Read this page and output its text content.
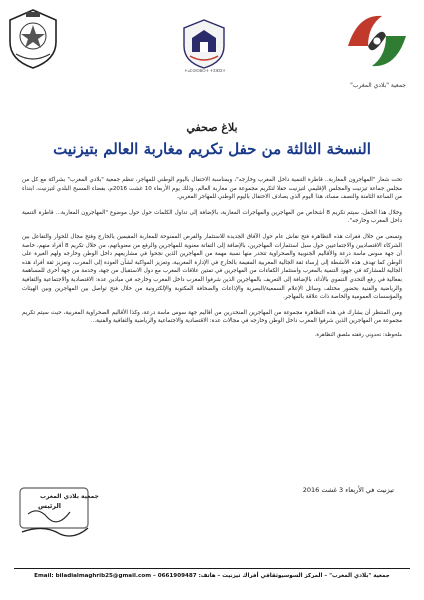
ⵜⴰⵎⵙⵙⵓⵔⵜ ⵜⵉⵣⵏⵉⵜ
جمعية "بلادي المغرب"
بلاغ صحفي
النسخة الثالثة من حفل تكريم مغاربة العالم بتيزنيت

تحت شعار "المهاجرون المغاربة.. قاطرة التنمية داخل المغرب وخارجه"، وبمناسبة الاحتفال باليوم الوطني للمهاجر، تنظم جمعية "بلادي المغرب" بشراكة مع كل من مجلس جماعة تيزنيت والمجلس الإقليمي لتيزنيت حفلا لتكريم مجموعة من مغاربة العالم، وذلك يوم الأربعاء 10 غشت 2016م، بفضاء المسبح البلدي لتيزنيت، ابتداء من الساعة الثامنة والنصف مساء، هذا اليوم الذي يصادف الاحتفال باليوم الوطني للمهاجر المغربي.

وخلال هذا الحفل، سيتم تكريم 8 أشخاص من المهاجرين والمهاجرات المغاربة، بالإضافة إلى تداول الكلمات حول حول موضوع "المهاجرون المغاربة... قاطرة التنمية داخل المغرب وخارجه".

وتسعى من خلال فقرات هذه التظاهرة فتح نقاش عام حول الآفاق الجديدة للاستثمار والفرص الممنوحة للمغاربة المقيمين بالخارج وفتح مجال للحوار والتفاعل بين الشركاء الاقتصاديين والاجتماعيين حول سبل استثمارات المهاجرين، بالإضافة إلى التفاتة معنوية للمهاجرين والرفع من معنوياتهم، من خلال تكريم 8 أفراد منهم، خاصة أن جهة سوس ماسة درعة والأقاليم الجنوبية والصحراوية تتحدر منها نسبة مهمة من المهاجرين الذين نجحوا في مشاريعهم داخل الوطن وخارجه ولهم الغيرة على الوطن كما تهدف هذه الأنشطة إلى إرساء ثقة الجالية المغربية المقيمة بالخارج في الإدارة المغربية، وتعزيز المواكبة لشأن العودة إلى المغرب، وتعزيز ثقة أفراد هذه الجالية للمشاركة في جهود التنمية بالمغرب واستثمار الكفاءات من المهاجرين في تمتين علاقات المغرب مع دول الاستقبال من جهة، وخدمة من جهة أخرى للمساهمة بفعالية في رفع التحدي التنموي بالأداء، بالإضافة إلى التعريف بالمهاجرين الذين شرفوا المغرب داخل المغرب وخارجه في ميادين عدة: الاقتصادية والاجتماعية والثقافية والرياضية والفنية بحضور مختلف وسائل الإعلام السمعية/البصرية والإذاعات والصحافة المكتوبة والإلكترونية من خلال فتح تواصل بين المهاجرين وبين الهيئات والمؤسسات العمومية والخاصة ذات علاقة بالمهاجر.

ومن المنتظر أن يشارك في هذه التظاهرة مجموعة من المهاجرين المنحدرين من أقاليم جهة سوس ماسة درعة، وكذا الأقاليم الصحراوية المغربية، حيث سيتم تكريم مجموعة من المهاجرين الذين شرفوا المغرب داخل الوطن وخارجه في مجالات عدة: الاقتصادية والاجتماعية والرياضية والثقافية والفنية...

ملحوظة: تحدوني رفقته ملصق التظاهرة.

تيزنيت في الأربعاء 3 غشت 2016
جمعية بلادي المغرب
الرئيس
جمعية "بلادي المغرب" – المركز السوسيوثقافي أفراك تيزنيت – هاتف: 0661909487 – Email: biladialmaghrib25@gmail.com
